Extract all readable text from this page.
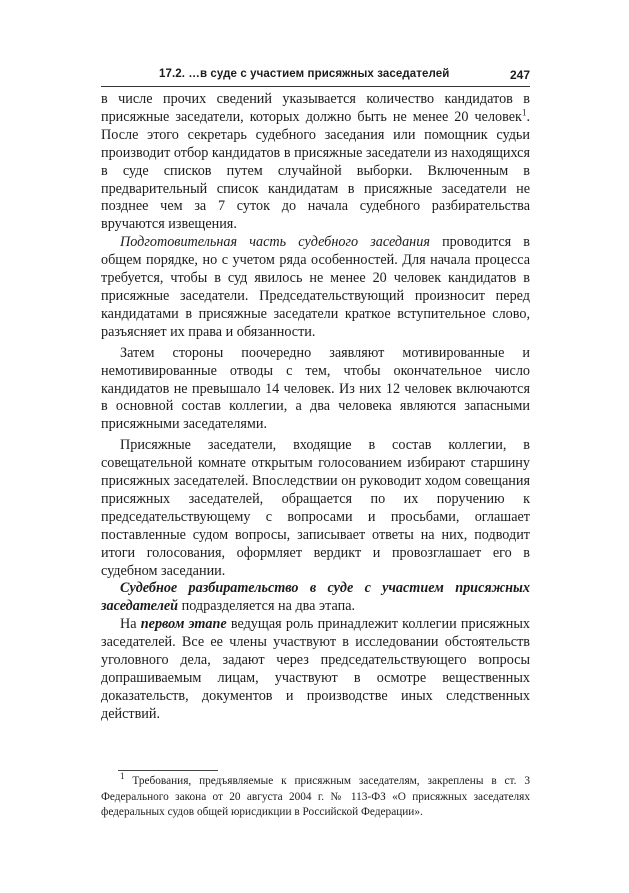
17.2. …в суде с участием присяжных заседателей	247

в числе прочих сведений указывается количество кандидатов в присяжные заседатели, которых должно быть не менее 20 человек$^1$. После этого секретарь судебного заседания или помощник судьи производит отбор кандидатов в присяжные заседатели из находящихся в суде списков путем случайной выборки. Включенным в предварительный список кандидатам в присяжные заседатели не позднее чем за 7 суток до начала судебного разбирательства вручаются извещения.

Подготовительная часть судебного заседания проводится в общем порядке, но с учетом ряда особенностей. Для начала процесса требуется, чтобы в суд явилось не менее 20 человек кандидатов в присяжные заседатели. Председательствующий произносит перед кандидатами в присяжные заседатели краткое вступительное слово, разъясняет их права и обязанности.

Затем стороны поочередно заявляют мотивированные и немотивированные отводы с тем, чтобы окончательное число кандидатов не превышало 14 человек. Из них 12 человек включаются в основной состав коллегии, а два человека являются запасными присяжными заседателями.

Присяжные заседатели, входящие в состав коллегии, в совещательной комнате открытым голосованием избирают старшину присяжных заседателей. Впоследствии он руководит ходом совещания присяжных заседателей, обращается по их поручению к председательствующему с вопросами и просьбами, оглашает поставленные судом вопросы, записывает ответы на них, подводит итоги голосования, оформляет вердикт и провозглашает его в судебном заседании.

Судебное разбирательство в суде с участием присяжных заседателей подразделяется на два этапа.

На первом этапе ведущая роль принадлежит коллегии присяжных заседателей. Все ее члены участвуют в исследовании обстоятельств уголовного дела, задают через председательствующего вопросы допрашиваемым лицам, участвуют в осмотре вещественных доказательств, документов и производстве иных следственных действий.

$^1$ Требования, предъявляемые к присяжным заседателям, закреплены в ст. 3 Федерального закона от 20 августа 2004 г. № 113-ФЗ «О присяжных заседателях федеральных судов общей юрисдикции в Российской Федерации».
